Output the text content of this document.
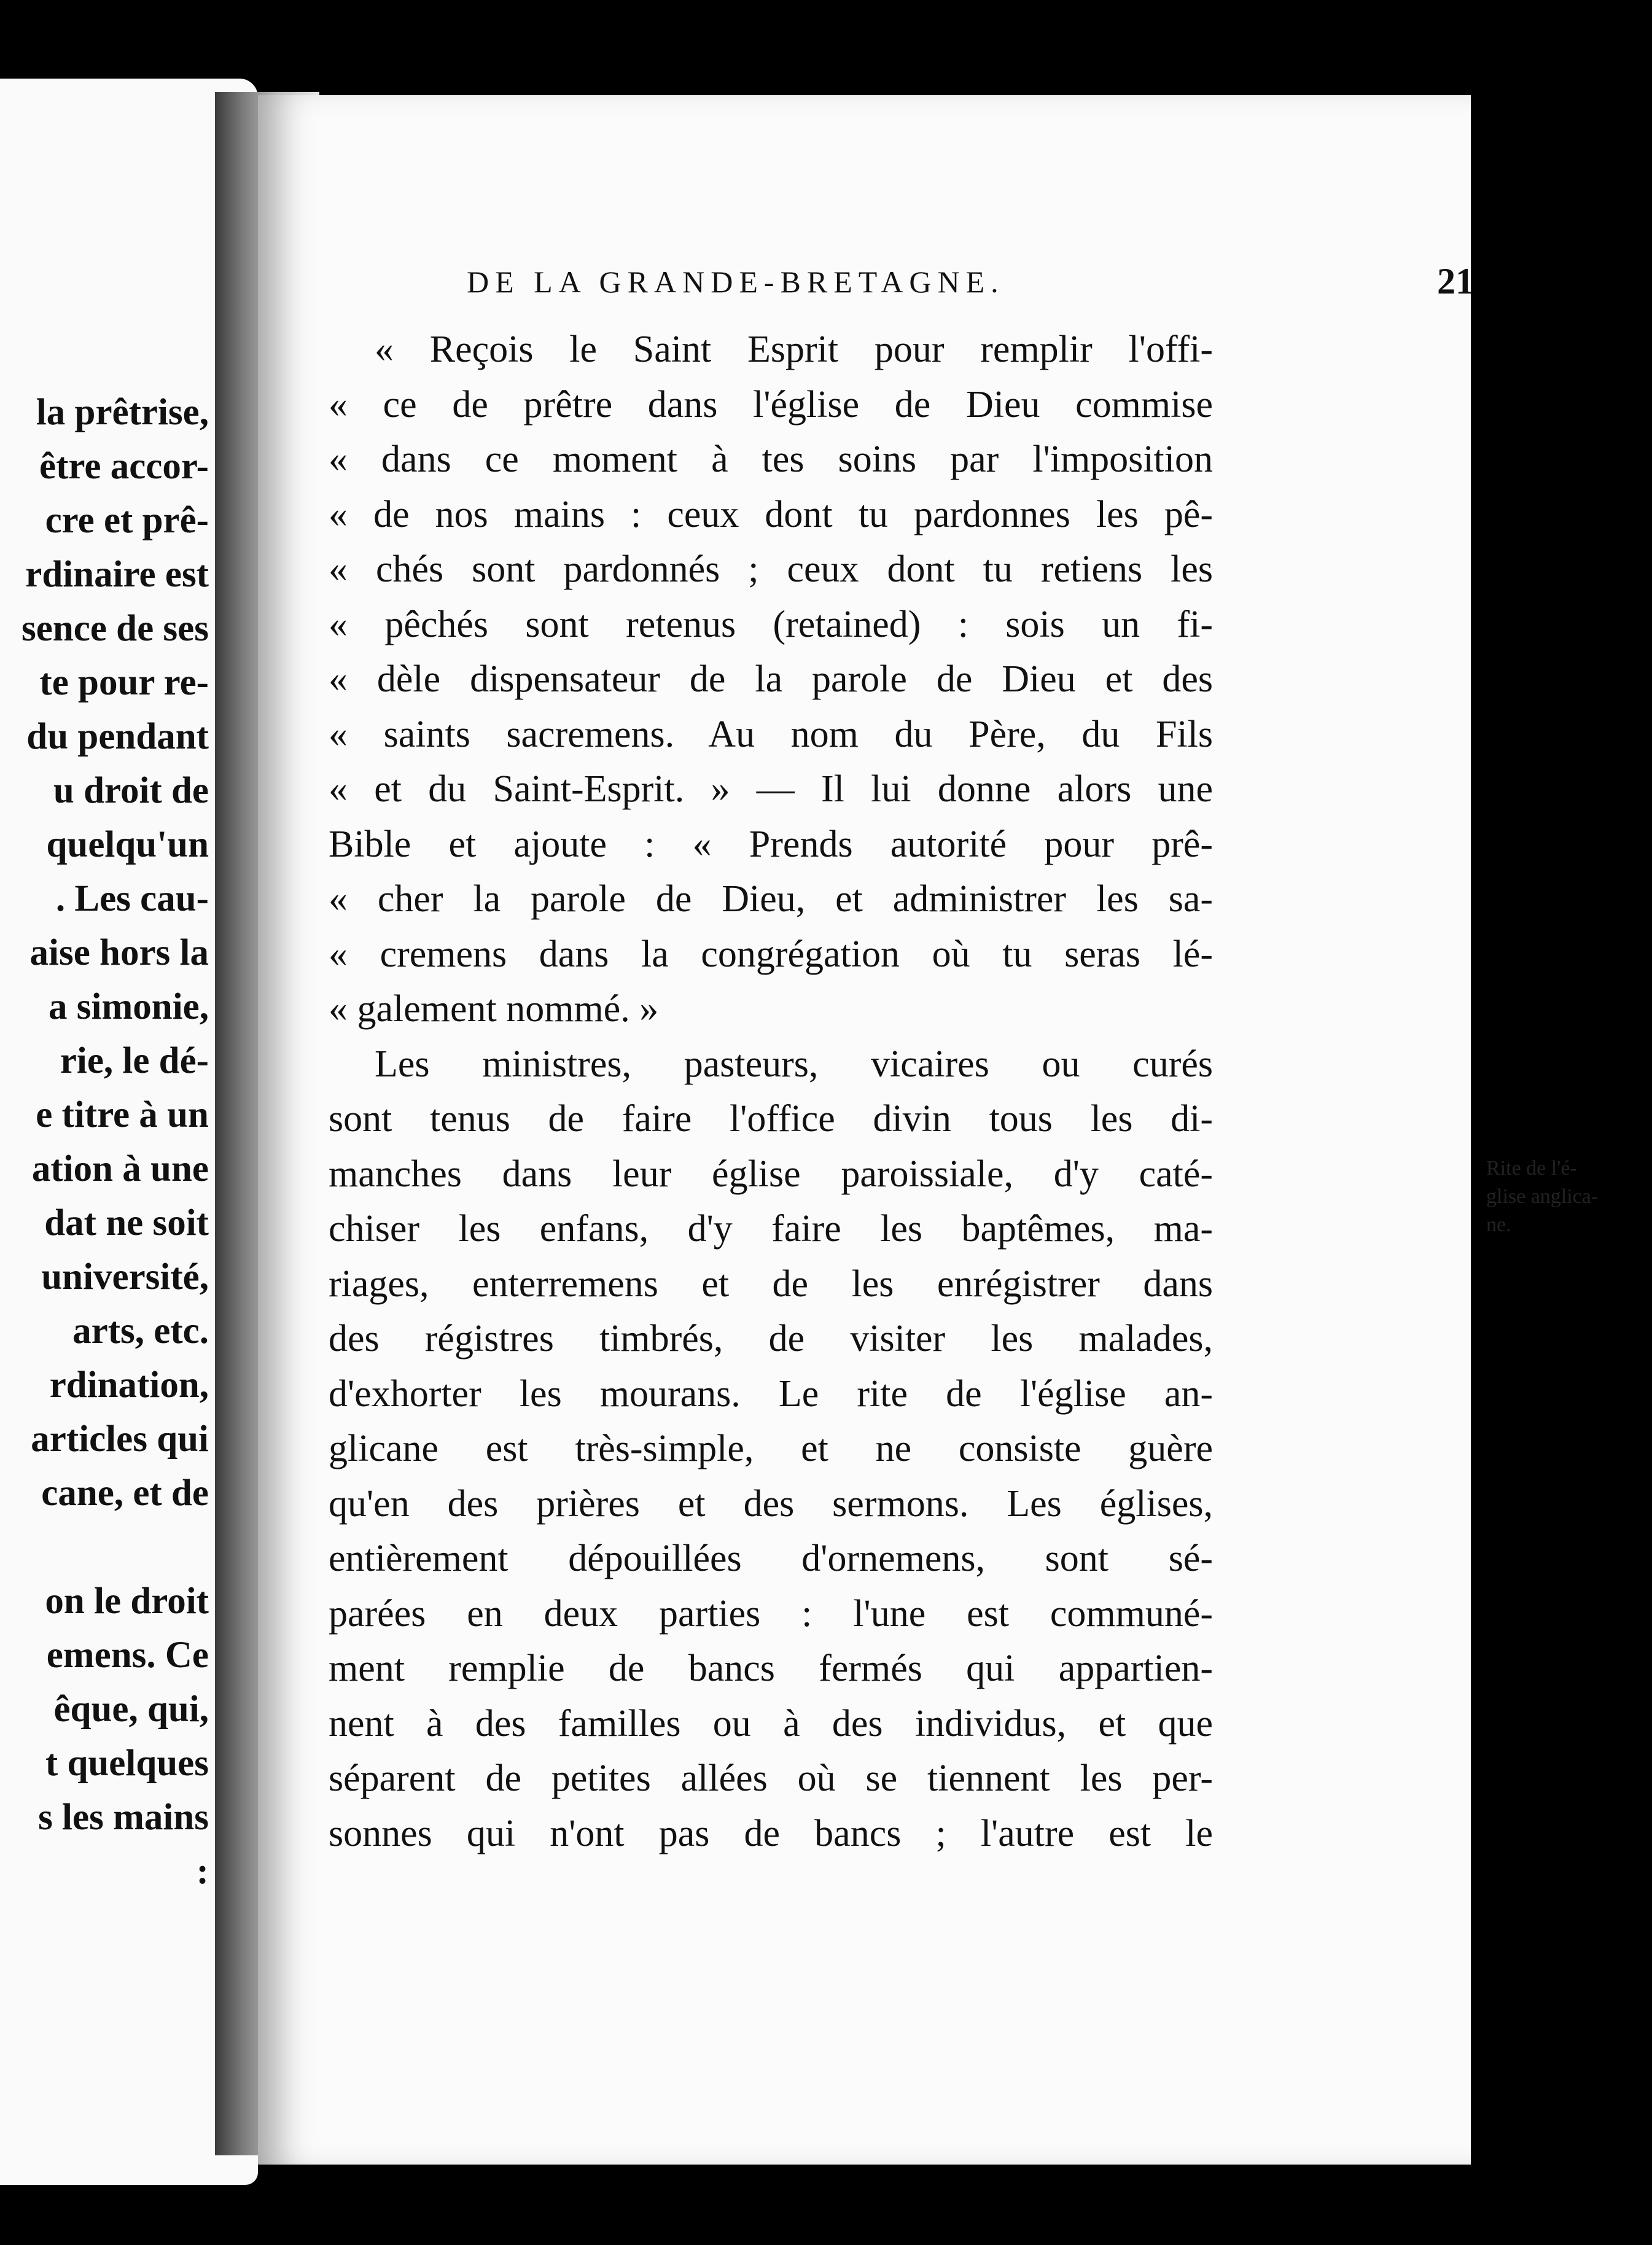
la prêtrise,
être accor-
cre et prê-
rdinaire est
sence de ses
te pour re-
du pendant
u droit de
quelqu'un
. Les cau-
aise hors la
a simonie,
rie, le dé-
e titre à un
ation à une
dat ne soit
université,
arts, etc.
rdination,
articles qui
cane, et de
on le droit
emens. Ce
êque, qui,
t quelques
s les mains
:
DE LA GRANDE-BRETAGNE.	21
Rite de l'é-
glise anglica-
ne.
« Reçois le Saint Esprit pour remplir l'offi-
« ce de prêtre dans l'église de Dieu commise
« dans ce moment à tes soins par l'imposition
« de nos mains : ceux dont tu pardonnes les pê-
« chés sont pardonnés ; ceux dont tu retiens les
« pêchés sont retenus (retained) : sois un fi-
« dèle dispensateur de la parole de Dieu et des
« saints sacremens. Au nom du Père, du Fils
« et du Saint-Esprit. » — Il lui donne alors une
Bible et ajoute : « Prends autorité pour prê-
« cher la parole de Dieu, et administrer les sa-
« cremens dans la congrégation où tu seras lé-
« galement nommé. »
Les ministres, pasteurs, vicaires ou curés
sont tenus de faire l'office divin tous les di-
manches dans leur église paroissiale, d'y caté-
chiser les enfans, d'y faire les baptêmes, ma-
riages, enterremens et de les enrégistrer dans
des régistres timbrés, de visiter les malades,
d'exhorter les mourans. Le rite de l'église an-
glicane est très-simple, et ne consiste guère
qu'en des prières et des sermons. Les églises,
entièrement dépouillées d'ornemens, sont sé-
parées en deux parties : l'une est communé-
ment remplie de bancs fermés qui appartien-
nent à des familles ou à des individus, et que
séparent de petites allées où se tiennent les per-
sonnes qui n'ont pas de bancs ; l'autre est le
